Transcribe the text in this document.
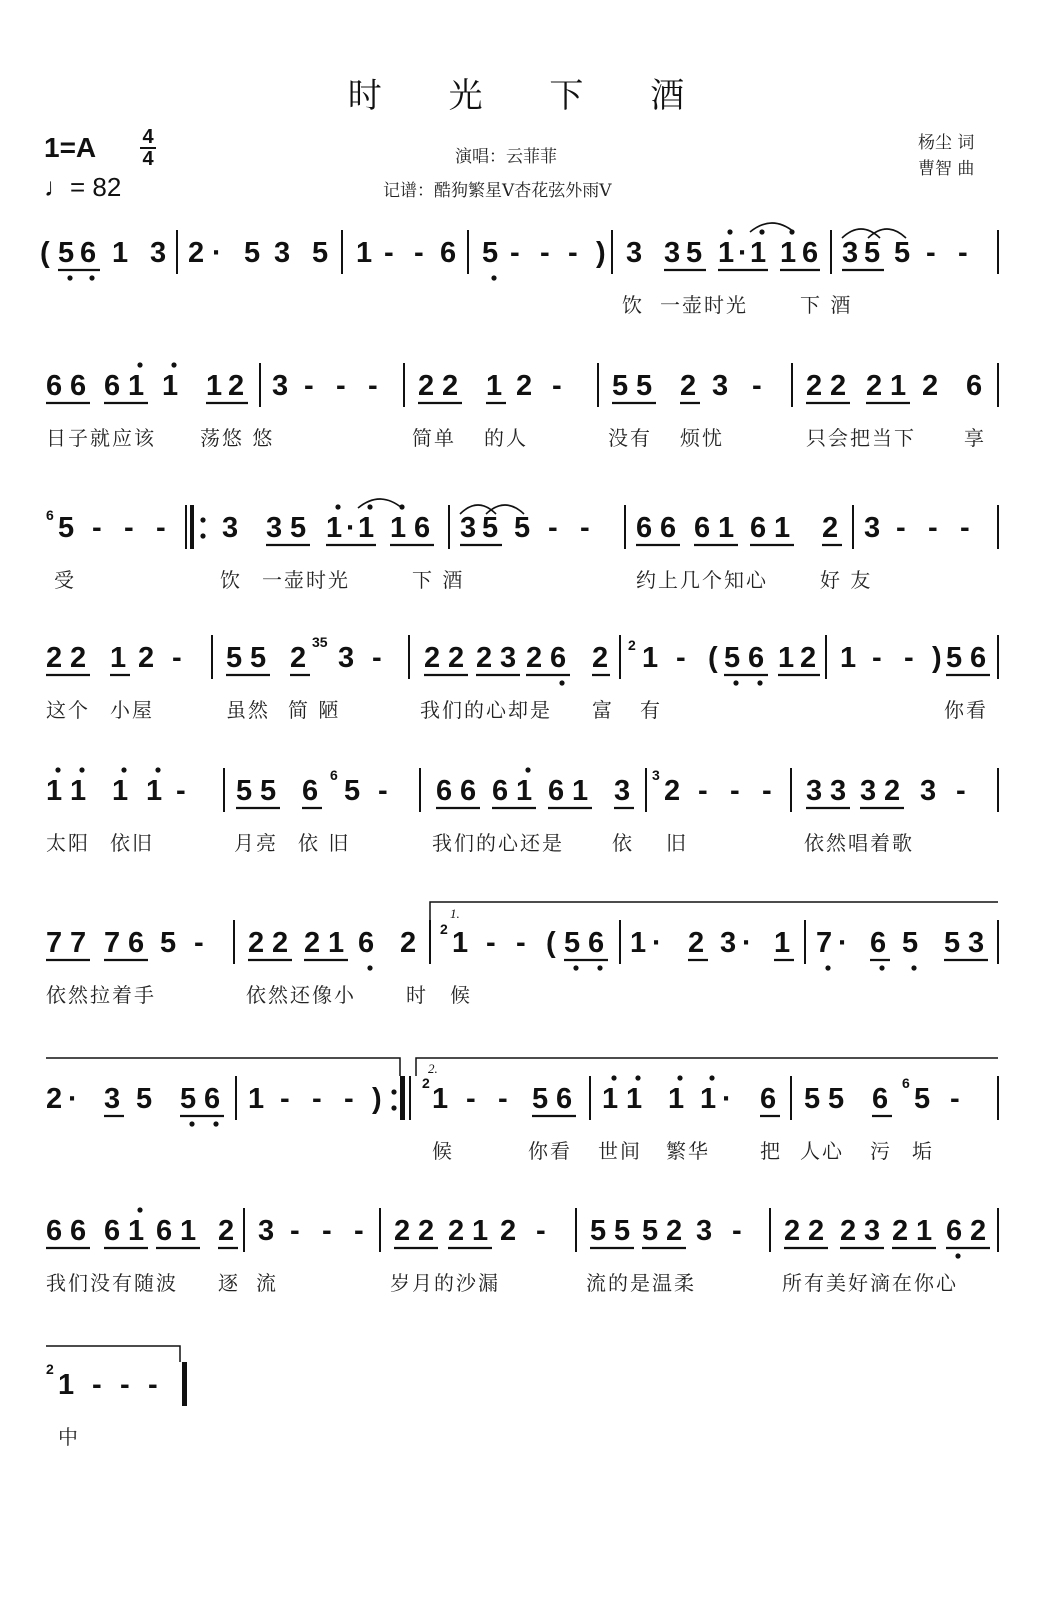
时 光 下 酒
1=A 4
4
♩= 82
演唱：云菲菲
记谱：酷狗繁星V杏花弦外雨V
杨尘 词
曹智 曲
( 5 6 1 3 2 · 5 3 5 1 - - 6 5 - - - ) 3 3 5 1 · 1 1 6 3 5 5 - -
饮 一壶时光	下 酒
6 6 6 1 1 1 2 3 - - - 2 2 1 2 - 5 5 2 3 - 2 2 2 1 2 6
日子就应该 荡悠 悠	简单 的人	没有 烦忧	只会把当下 享
5 - - - 3 3 5 1 · 1 1 6 3 5 5 - - 6 6 6 1 6 1 2 3 - - -
受	饮 一壶时光	下 酒	约上几个知心	好 友
2 2 1 2 - 5 5 2 3 - 2 2 2 3 2 6 2 1 - ( 5 6 1 2 1 - - ) 5 6
这个 小屋	虽然 简 陋	我们的心却是 富 有	你看
1 1 1 1 - 5 5 6 5 - 6 6 6 1 6 1 3 2 - - - 3 3 3 2 3 -
太阳 依旧	月亮 依 旧	我们的心还是 依 旧	依然唱着歌
7 7 7 6 5 - 2 2 2 1 6 2 1 - - ( 5 6 1 · 2 3 · 1 7 · 6 5 5 3
依然拉着手	依然还像小	时 候
2 · 3 5 5 6 1 - - - ) 1 - - 5 6 1 1 1 1 · 6 5 5 6 5 -
候	你看 世间 繁华	把 人心 污 垢
6 6 6 1 6 1 2 3 - - - 2 2 2 1 2 - 5 5 5 2 3 - 2 2 2 3 2 1 6 2
我们没有随波 逐 流	岁月的沙漏	流的是温柔	所有美好滴在你心
1 - - -
中
1.
2.
6
35	2
6	3
2
2	6
2
